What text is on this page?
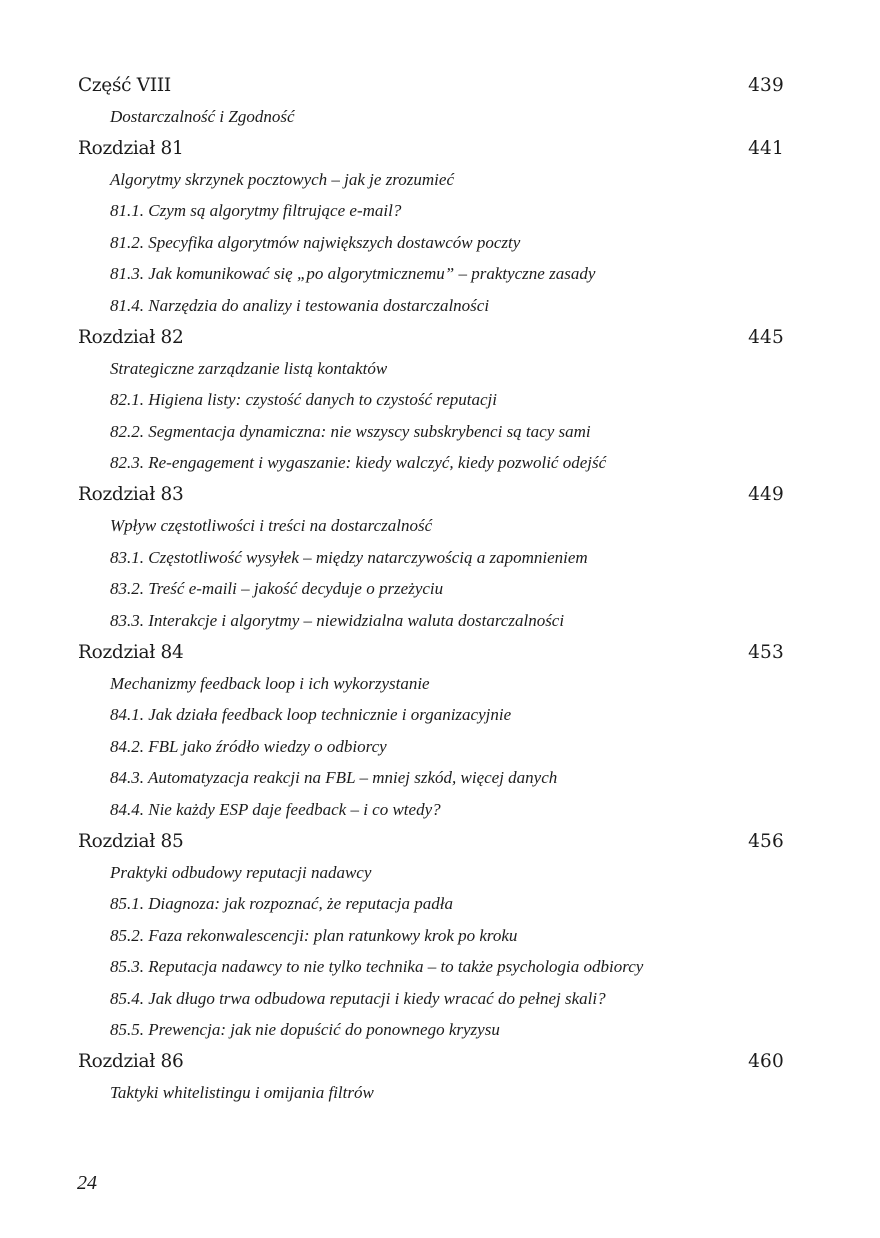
Część VIII	439
Dostarczalność i Zgodność
Rozdział 81	441
Algorytmy skrzynek pocztowych – jak je zrozumieć
81.1. Czym są algorytmy filtrujące e-mail?
81.2. Specyfika algorytmów największych dostawców poczty
81.3. Jak komunikować się „po algorytmicznemu” – praktyczne zasady
81.4. Narzędzia do analizy i testowania dostarczalności
Rozdział 82	445
Strategiczne zarządzanie listą kontaktów
82.1. Higiena listy: czystość danych to czystość reputacji
82.2. Segmentacja dynamiczna: nie wszyscy subskrybenci są tacy sami
82.3. Re-engagement i wygaszanie: kiedy walczyć, kiedy pozwolić odejść
Rozdział 83	449
Wpływ częstotliwości i treści na dostarczalność
83.1. Częstotliwość wysyłek – między natarczywością a zapomnieniem
83.2. Treść e-maili – jakość decyduje o przeżyciu
83.3. Interakcje i algorytmy – niewidzialna waluta dostarczalności
Rozdział 84	453
Mechanizmy feedback loop i ich wykorzystanie
84.1. Jak działa feedback loop technicznie i organizacyjnie
84.2. FBL jako źródło wiedzy o odbiorcy
84.3. Automatyzacja reakcji na FBL – mniej szkód, więcej danych
84.4. Nie każdy ESP daje feedback – i co wtedy?
Rozdział 85	456
Praktyki odbudowy reputacji nadawcy
85.1. Diagnoza: jak rozpoznać, że reputacja padła
85.2. Faza rekonwalescencji: plan ratunkowy krok po kroku
85.3. Reputacja nadawcy to nie tylko technika – to także psychologia odbiorcy
85.4. Jak długo trwa odbudowa reputacji i kiedy wracać do pełnej skali?
85.5. Prewencja: jak nie dopuścić do ponownego kryzysu
Rozdział 86	460
Taktyki whitelistingu i omijania filtrów
24
